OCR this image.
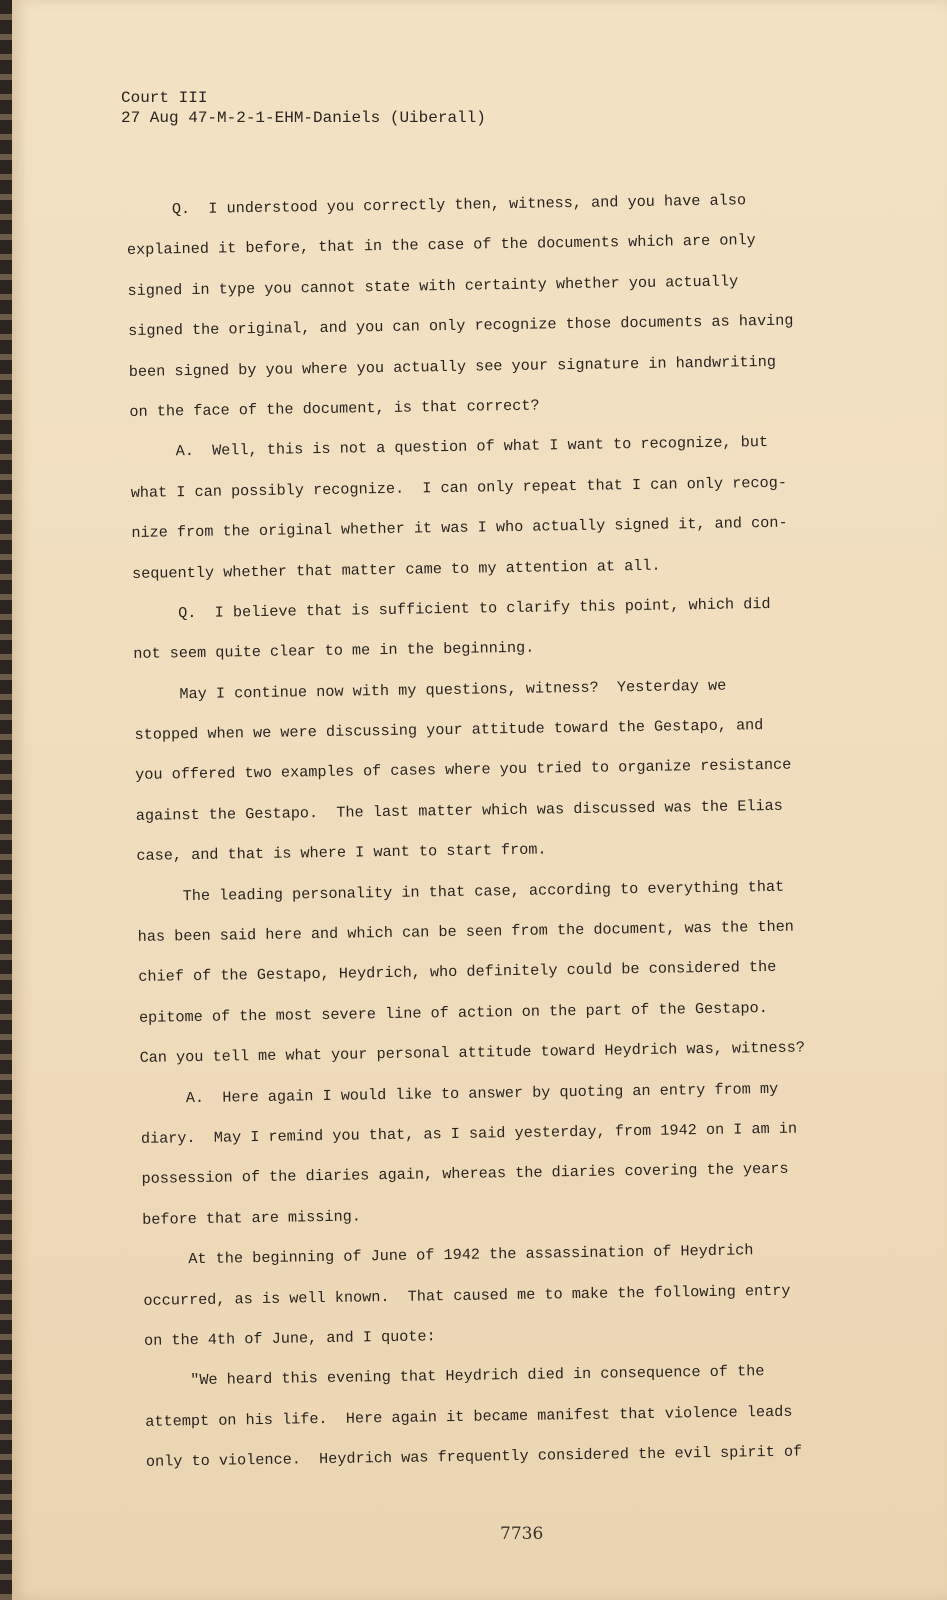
Court III
27 Aug 47-M-2-1-EHM-Daniels (Uiberall)
Q.  I understood you correctly then, witness, and you have also
explained it before, that in the case of the documents which are only
signed in type you cannot state with certainty whether you actually
signed the original, and you can only recognize those documents as having
been signed by you where you actually see your signature in handwriting
on the face of the document, is that correct?
A.  Well, this is not a question of what I want to recognize, but
what I can possibly recognize.  I can only repeat that I can only recog-
nize from the original whether it was I who actually signed it, and con-
sequently whether that matter came to my attention at all.
Q.  I believe that is sufficient to clarify this point, which did
not seem quite clear to me in the beginning.
May I continue now with my questions, witness?  Yesterday we
stopped when we were discussing your attitude toward the Gestapo, and
you offered two examples of cases where you tried to organize resistance
against the Gestapo.  The last matter which was discussed was the Elias
case, and that is where I want to start from.
The leading personality in that case, according to everything that
has been said here and which can be seen from the document, was the then
chief of the Gestapo, Heydrich, who definitely could be considered the
epitome of the most severe line of action on the part of the Gestapo.
Can you tell me what your personal attitude toward Heydrich was, witness?
A.  Here again I would like to answer by quoting an entry from my
diary.  May I remind you that, as I said yesterday, from 1942 on I am in
possession of the diaries again, whereas the diaries covering the years
before that are missing.
At the beginning of June of 1942 the assassination of Heydrich
occurred, as is well known.  That caused me to make the following entry
on the 4th of June, and I quote:
"We heard this evening that Heydrich died in consequence of the
attempt on his life.  Here again it became manifest that violence leads
only to violence.  Heydrich was frequently considered the evil spirit of
7736
